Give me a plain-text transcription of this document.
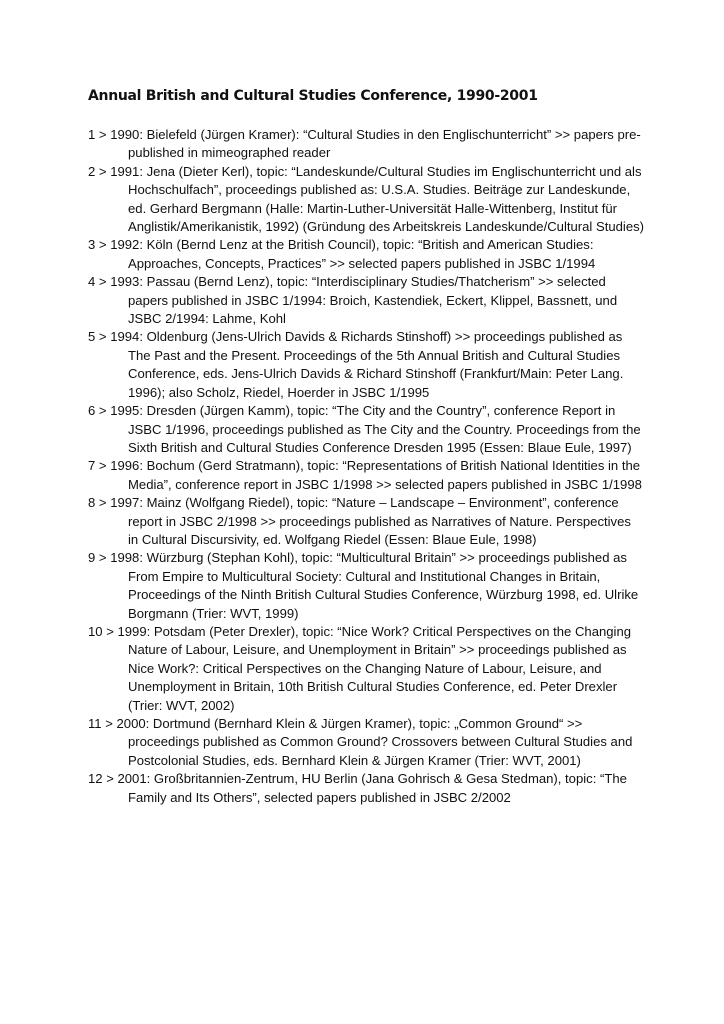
Annual British and Cultural Studies Conference, 1990-2001
1 > 1990: Bielefeld (Jürgen Kramer): “Cultural Studies in den Englischunterricht” >> papers pre-published in mimeographed reader
2 > 1991: Jena (Dieter Kerl), topic: “Landeskunde/Cultural Studies im Englischunterricht und als Hochschulfach”, proceedings published as: U.S.A. Studies. Beiträge zur Landeskunde, ed. Gerhard Bergmann (Halle: Martin-Luther-Universität Halle-Wittenberg, Institut für Anglistik/Amerikanistik, 1992) (Gründung des Arbeitskreis Landeskunde/Cultural Studies)
3 > 1992: Köln (Bernd Lenz at the British Council), topic: “British and American Studies: Approaches, Concepts, Practices” >> selected papers published in JSBC 1/1994
4 > 1993: Passau (Bernd Lenz), topic: “Interdisciplinary Studies/Thatcherism” >> selected papers published in JSBC 1/1994: Broich, Kastendiek, Eckert, Klippel, Bassnett, und JSBC 2/1994: Lahme, Kohl
5 > 1994: Oldenburg (Jens-Ulrich Davids & Richards Stinshoff) >> proceedings published as The Past and the Present. Proceedings of the 5th Annual British and Cultural Studies Conference, eds. Jens-Ulrich Davids & Richard Stinshoff (Frankfurt/Main: Peter Lang. 1996); also Scholz, Riedel, Hoerder in JSBC 1/1995
6 > 1995: Dresden (Jürgen Kamm), topic: “The City and the Country”, conference Report in JSBC 1/1996, proceedings published as The City and the Country. Proceedings from the Sixth British and Cultural Studies Conference Dresden 1995 (Essen: Blaue Eule, 1997)
7 > 1996: Bochum (Gerd Stratmann), topic: “Representations of British National Identities in the Media”, conference report in JSBC 1/1998 >> selected papers published in JSBC 1/1998
8 > 1997: Mainz (Wolfgang Riedel), topic: “Nature – Landscape – Environment”, conference report in JSBC 2/1998 >> proceedings published as Narratives of Nature. Perspectives in Cultural Discursivity, ed. Wolfgang Riedel (Essen: Blaue Eule, 1998)
9 > 1998: Würzburg (Stephan Kohl), topic: “Multicultural Britain” >> proceedings published as From Empire to Multicultural Society: Cultural and Institutional Changes in Britain, Proceedings of the Ninth British Cultural Studies Conference, Würzburg 1998, ed. Ulrike Borgmann (Trier: WVT, 1999)
10 > 1999: Potsdam (Peter Drexler), topic: “Nice Work? Critical Perspectives on the Changing Nature of Labour, Leisure, and Unemployment in Britain” >> proceedings published as Nice Work?: Critical Perspectives on the Changing Nature of Labour, Leisure, and Unemployment in Britain, 10th British Cultural Studies Conference, ed. Peter Drexler (Trier: WVT, 2002)
11 > 2000: Dortmund (Bernhard Klein & Jürgen Kramer), topic: „Common Ground“ >> proceedings published as Common Ground? Crossovers between Cultural Studies and Postcolonial Studies, eds. Bernhard Klein & Jürgen Kramer (Trier: WVT, 2001)
12 > 2001: Großbritannien-Zentrum, HU Berlin (Jana Gohrisch & Gesa Stedman), topic: “The Family and Its Others”, selected papers published in JSBC 2/2002
